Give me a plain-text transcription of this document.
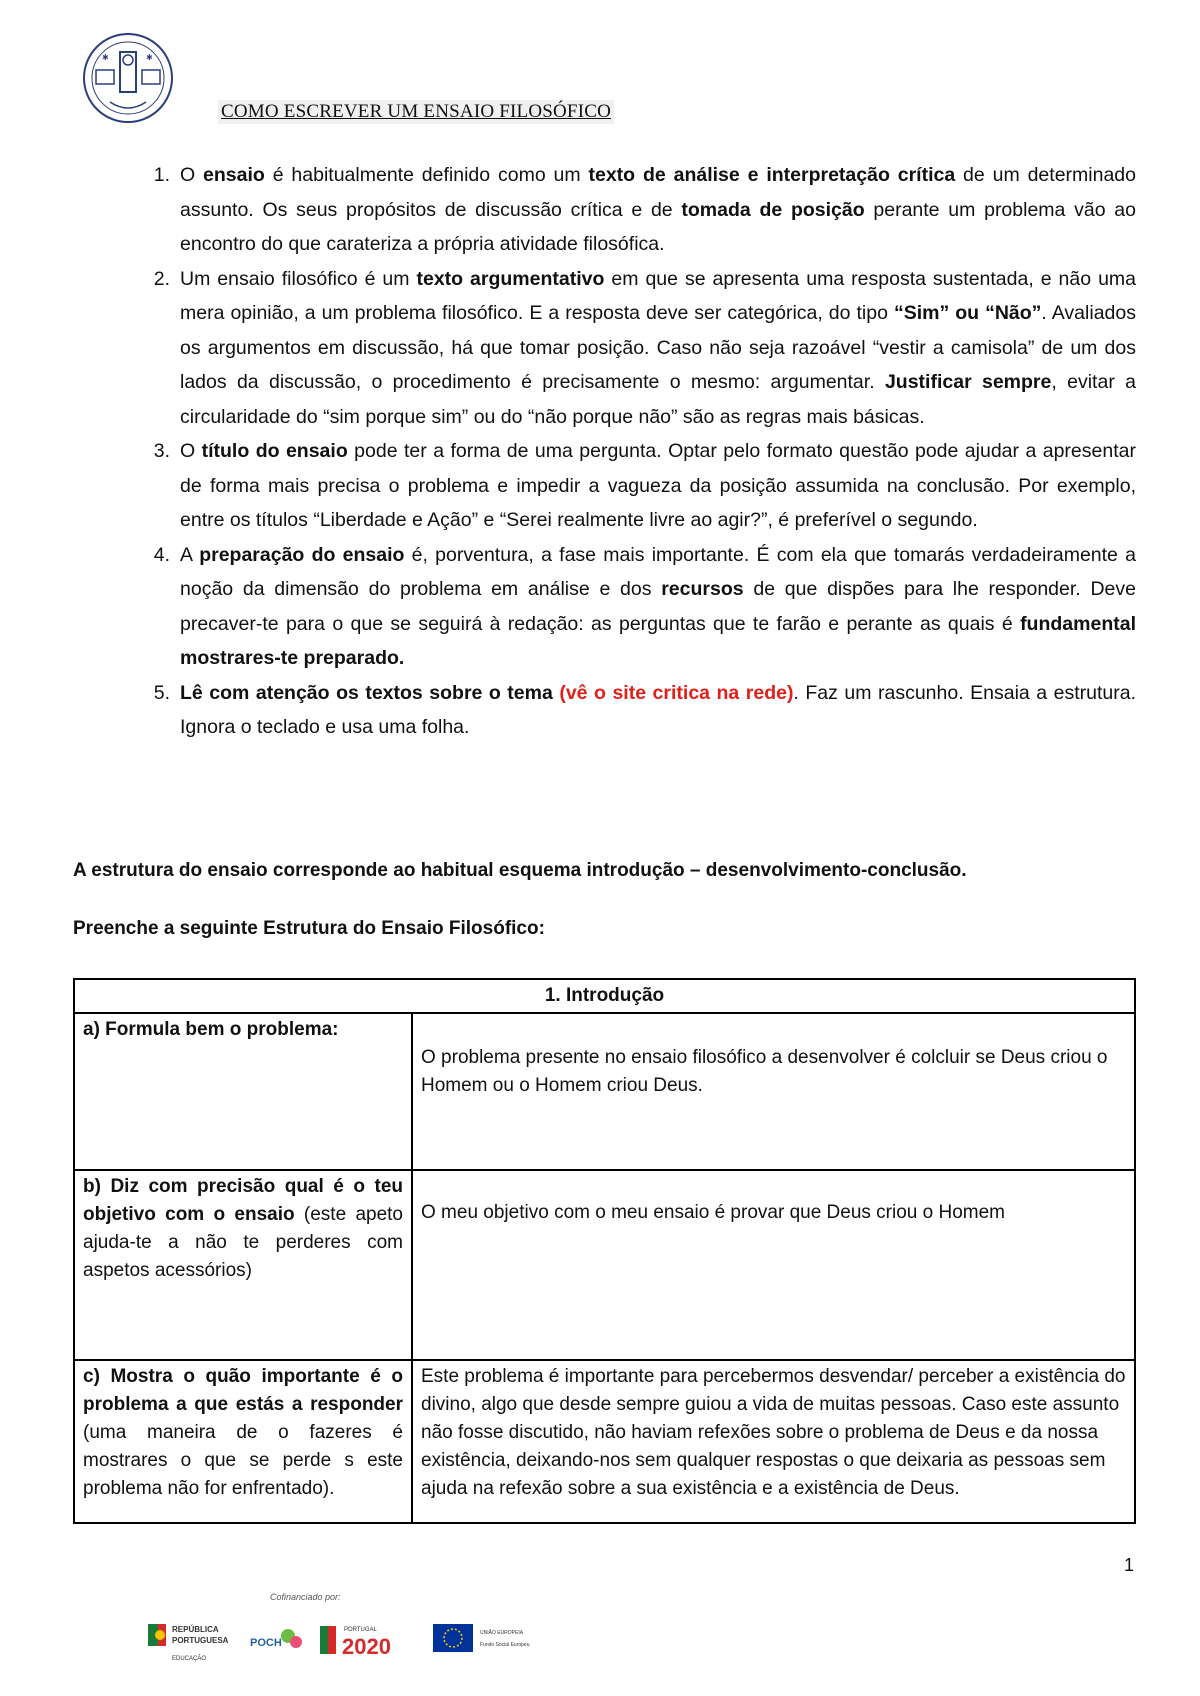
✱	✱
COMO ESCREVER UM ENSAIO FILOSÓFICO
1. O ensaio é habitualmente definido como um texto de análise e interpretação crítica de um determinado assunto. Os seus propósitos de discussão crítica e de tomada de posição perante um problema vão ao encontro do que carateriza a própria atividade filosófica.
2. Um ensaio filosófico é um texto argumentativo em que se apresenta uma resposta sustentada, e não uma mera opinião, a um problema filosófico. E a resposta deve ser categórica, do tipo “Sim” ou “Não”. Avaliados os argumentos em discussão, há que tomar posição. Caso não seja razoável “vestir a camisola” de um dos lados da discussão, o procedimento é precisamente o mesmo: argumentar. Justificar sempre, evitar a circularidade do “sim porque sim” ou do “não porque não” são as regras mais básicas.
3. O título do ensaio pode ter a forma de uma pergunta. Optar pelo formato questão pode ajudar a apresentar de forma mais precisa o problema e impedir a vagueza da posição assumida na conclusão. Por exemplo, entre os títulos “Liberdade e Ação” e “Serei realmente livre ao agir?”, é preferível o segundo.
4. A preparação do ensaio é, porventura, a fase mais importante. É com ela que tomarás verdadeiramente a noção da dimensão do problema em análise e dos recursos de que dispões para lhe responder. Deve precaver-te para o que se seguirá à redação: as perguntas que te farão e perante as quais é fundamental mostrares-te preparado.
5. Lê com atenção os textos sobre o tema (vê o site critica na rede). Faz um rascunho. Ensaia a estrutura. Ignora o teclado e usa uma folha.
A estrutura do ensaio corresponde ao habitual esquema introdução – desenvolvimento-conclusão.
Preenche a seguinte Estrutura do Ensaio Filosófico:
1. Introdução	
a) Formula bem o problema:	O problema presente no ensaio filosófico a desenvolver é colcluir se Deus criou o Homem ou o Homem criou Deus.
b) Diz com precisão qual é o teu objetivo com o ensaio (este apeto ajuda-te a não te perderes com aspetos acessórios)	O meu objetivo com o meu ensaio é provar que Deus criou o Homem
c) Mostra o quão importante é o problema a que estás a responder (uma maneira de o fazeres é mostrares o que se perde s este problema não for enfrentado).	Este problema é importante para percebermos desvendar/ perceber a existência do divino, algo que desde sempre guiou a vida de muitas pessoas. Caso este assunto não fosse discutido, não haviam refexões sobre o problema de Deus e da nossa existência, deixando-nos sem qualquer respostas o que deixaria as pessoas sem ajuda na refexão sobre a sua existência e a existência de Deus.
1
Cofinanciado por:
REPÚBLICA
PORTUGUESA
EDUCAÇÃO
POCH
PORTUGAL
2020
UNIÃO EUROPEIA
Fundo Social Europeu
